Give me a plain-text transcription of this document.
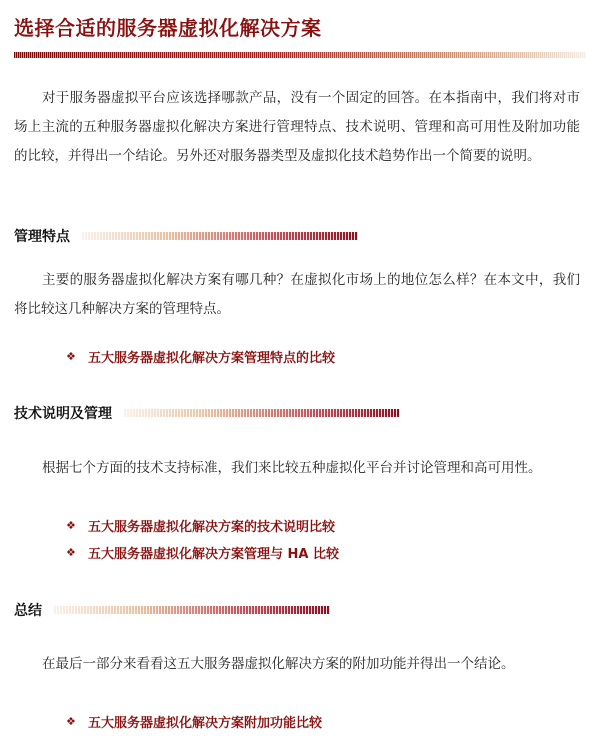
选择合适的服务器虚拟化解决方案

对于服务器虚拟平台应该选择哪款产品，没有一个固定的回答。在本指南中，我们将对市场上主流的五种服务器虚拟化解决方案进行管理特点、技术说明、管理和高可用性及附加功能的比较，并得出一个结论。另外还对服务器类型及虚拟化技术趋势作出一个简要的说明。

管理特点

主要的服务器虚拟化解决方案有哪几种？在虚拟化市场上的地位怎么样？在本文中，我们将比较这几种解决方案的管理特点。

❖ 五大服务器虚拟化解决方案管理特点的比较
技术说明及管理

根据七个方面的技术支持标准，我们来比较五种虚拟化平台并讨论管理和高可用性。

❖ 五大服务器虚拟化解决方案的技术说明比较
❖ 五大服务器虚拟化解决方案管理与 HA 比较
总结

在最后一部分来看看这五大服务器虚拟化解决方案的附加功能并得出一个结论。

❖ 五大服务器虚拟化解决方案附加功能比较
